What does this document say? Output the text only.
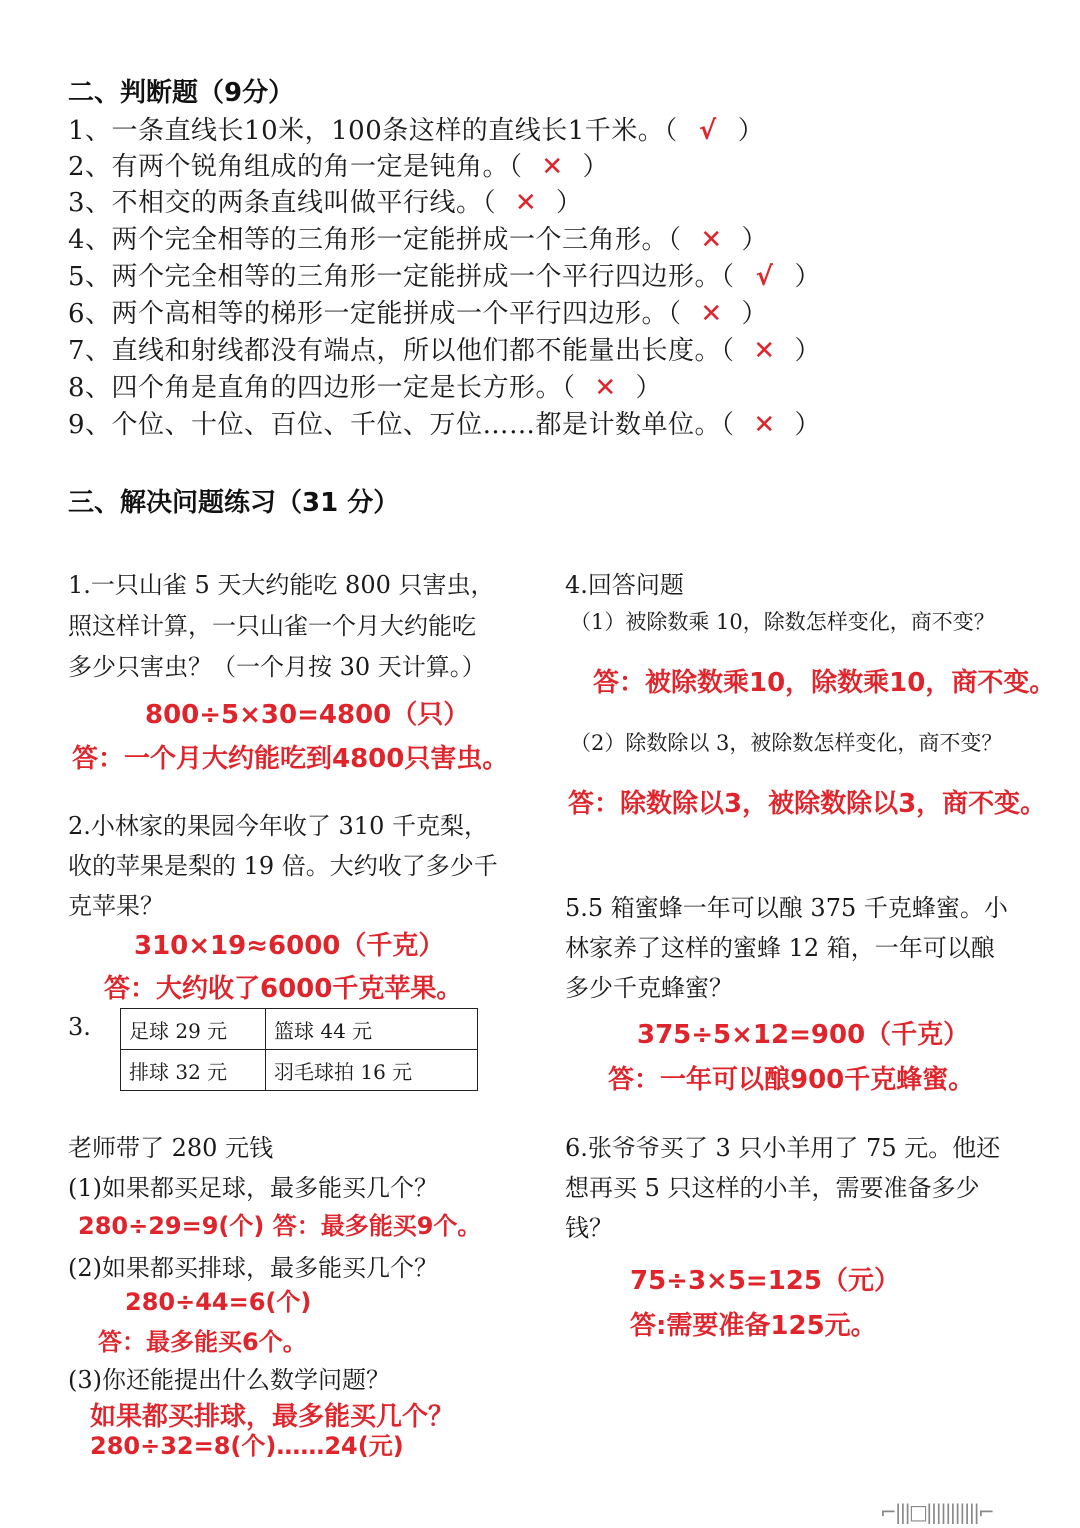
二、判断题（9分）
1、一条直线长10米，100条这样的直线长1千米。（ √ ）
2、有两个锐角组成的角一定是钝角。（ ✕ ）
3、不相交的两条直线叫做平行线。（ ✕ ）
4、两个完全相等的三角形一定能拼成一个三角形。（ ✕ ）
5、两个完全相等的三角形一定能拼成一个平行四边形。（ √ ）
6、两个高相等的梯形一定能拼成一个平行四边形。（ ✕ ）
7、直线和射线都没有端点，所以他们都不能量出长度。（ ✕ ）
8、四个角是直角的四边形一定是长方形。（ ✕ ）
9、个位、十位、百位、千位、万位……都是计数单位。（ ✕ ）
三、解决问题练习（31 分）
1.一只山雀 5 天大约能吃 800 只害虫，
照这样计算，一只山雀一个月大约能吃
多少只害虫？（一个月按 30 天计算。）
800÷5×30=4800（只）
答：一个月大约能吃到4800只害虫。
2.小林家的果园今年收了 310 千克梨，
收的苹果是梨的 19 倍。大约收了多少千
克苹果？
310×19≈6000（千克）
答：大约收了6000千克苹果。
3. 足球 29 元	篮球 44 元
排球 32 元	羽毛球拍 16 元
老师带了 280 元钱
(1)如果都买足球，最多能买几个？
280÷29=9(个) 答：最多能买9个。
(2)如果都买排球，最多能买几个？
280÷44=6(个)
答：最多能买6个。
(3)你还能提出什么数学问题？
如果都买排球，最多能买几个？
280÷32=8(个)……24(元)
4.回答问题
（1）被除数乘 10，除数怎样变化，商不变？
答：被除数乘10，除数乘10，商不变。
（2）除数除以 3，被除数怎样变化，商不变？
答：除数除以3，被除数除以3，商不变。
5.5 箱蜜蜂一年可以酿 375 千克蜂蜜。小
林家养了这样的蜜蜂 12 箱，一年可以酿
多少千克蜂蜜？
375÷5×12=900（千克）
答：一年可以酿900千克蜂蜜。
6.张爷爷买了 3 只小羊用了 75 元。他还
想再买 5 只这样的小羊，需要准备多少
钱？
75÷3×5=125（元）
答:需要准备125元。
⌐|||□|||||||||||⌐
